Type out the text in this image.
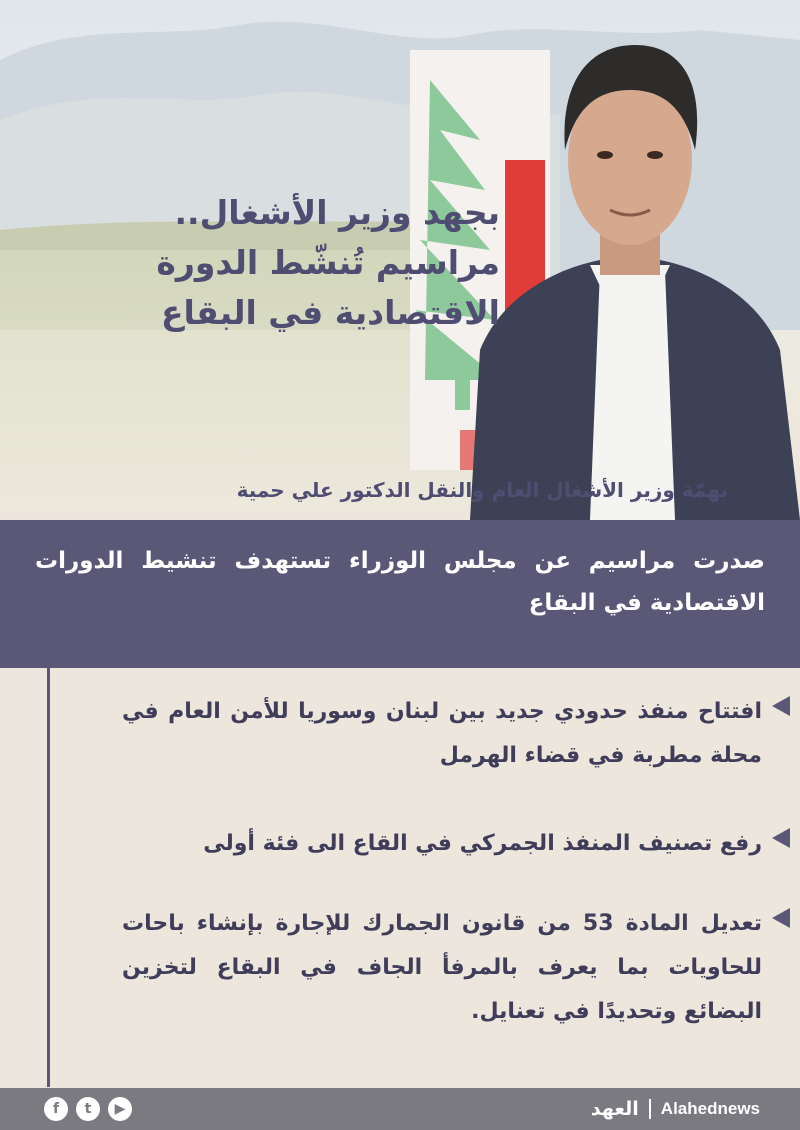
بجهد وزير الأشغال.. مراسيم تُنشّط الدورة الاقتصادية في البقاع

بهمّة وزير الأشغال العام والنقل الدكتور علي حمية

صدرت مراسيم عن مجلس الوزراء تستهدف تنشيط الدورات الاقتصادية في البقاع

افتتاح منفذ حدودي جديد بين لبنان وسوريا للأمن العام في محلة مطربة في قضاء الهرمل

رفع تصنيف المنفذ الجمركي في القاع الى فئة أولى

تعديل المادة 53 من قانون الجمارك للإجارة بإنشاء باحات للحاويات بما يعرف بالمرفأ الجاف في البقاع لتخزين البضائع وتحديدًا في تعنايل.

f	t	▶	العهد Alahednews
